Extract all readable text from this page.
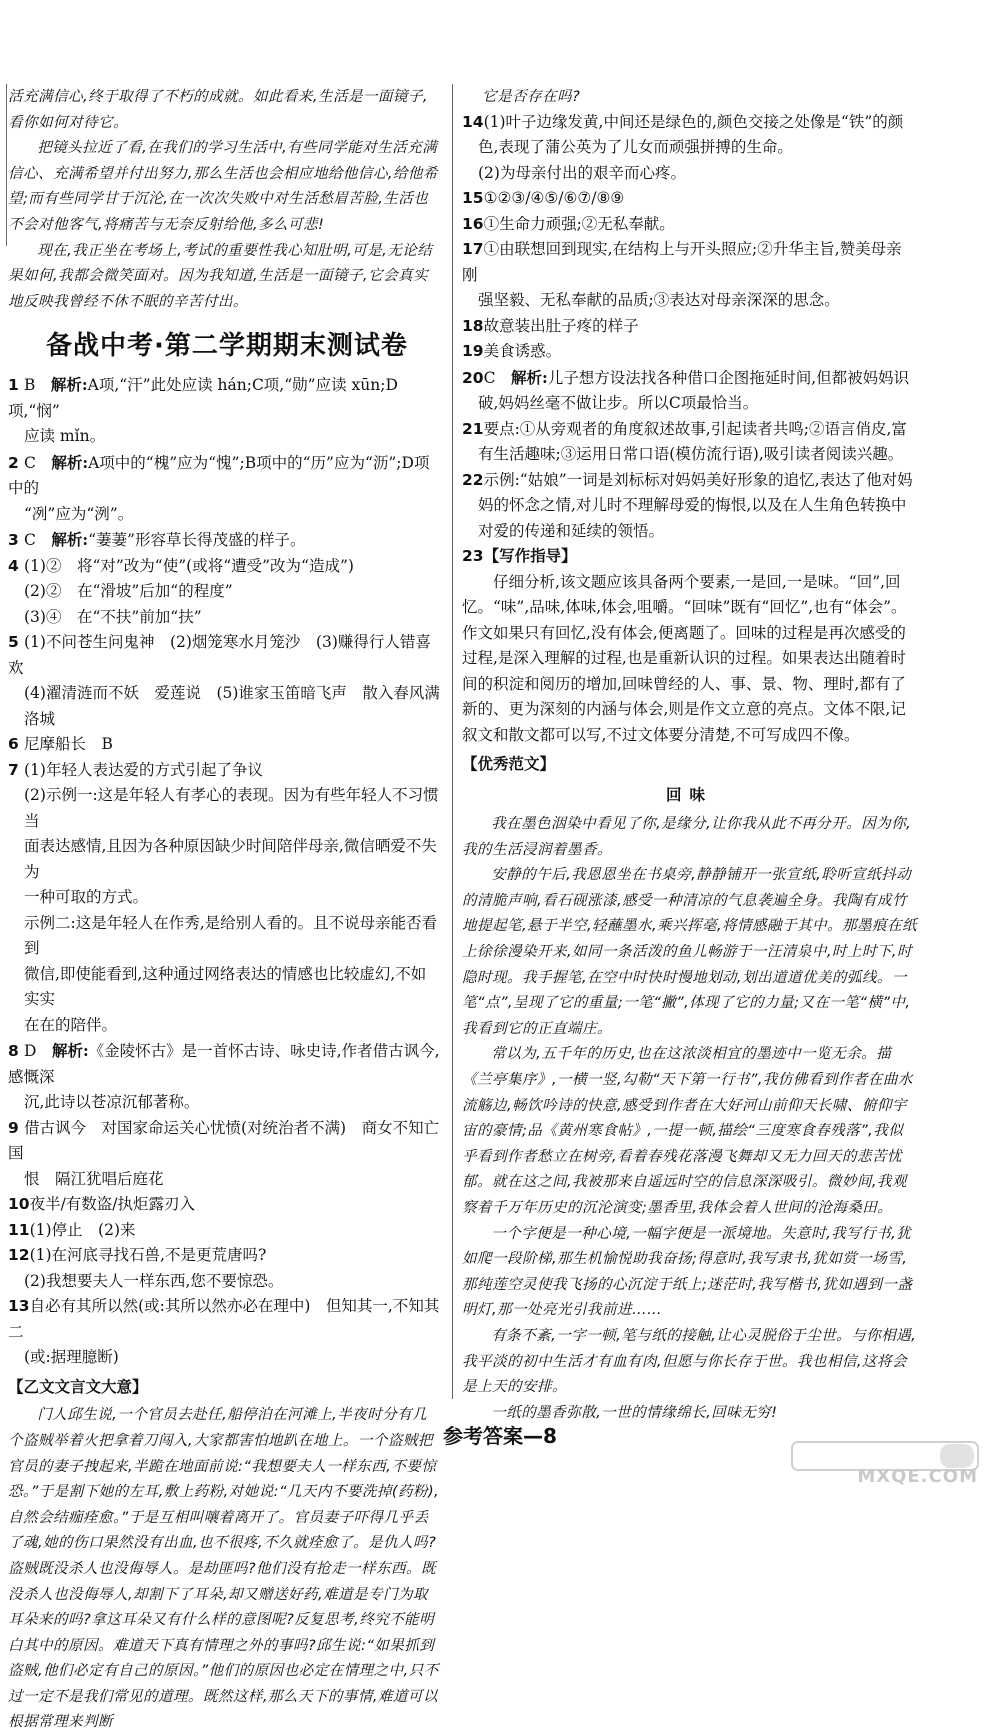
活充满信心,终于取得了不朽的成就。如此看来,生活是一面镜子,看你如何对待它。

把镜头拉近了看,在我们的学习生活中,有些同学能对生活充满信心、充满希望并付出努力,那么生活也会相应地给他信心,给他希望;而有些同学甘于沉沦,在一次次失败中对生活愁眉苦脸,生活也不会对他客气,将痛苦与无奈反射给他,多么可悲!

现在,我正坐在考场上,考试的重要性我心知肚明,可是,无论结果如何,我都会微笑面对。因为我知道,生活是一面镜子,它会真实地反映我曾经不休不眠的辛苦付出。

备战中考·第二学期期末测试卷
1 B　解析:A项,“汗”此处应读 hán;C项,“勋”应读 xūn;D项,“悯”
应读 mǐn。
2 C　解析:A项中的“槐”应为“愧”;B项中的“历”应为“沥”;D项中的
“冽”应为“洌”。
3 C　解析:“萋萋”形容草长得茂盛的样子。
4 (1)②　将“对”改为“使”(或将“遭受”改为“造成”)
(2)②　在“滑坡”后加“的程度”
(3)④　在“不扶”前加“扶”
5 (1)不问苍生问鬼神　(2)烟笼寒水月笼沙　(3)赚得行人错喜欢
(4)濯清涟而不妖　爱莲说　(5)谁家玉笛暗飞声　散入春风满
洛城
6 尼摩船长　B
7 (1)年轻人表达爱的方式引起了争议
(2)示例一:这是年轻人有孝心的表现。因为有些年轻人不习惯当
面表达感情,且因为各种原因缺少时间陪伴母亲,微信晒爱不失为
一种可取的方式。
示例二:这是年轻人在作秀,是给别人看的。且不说母亲能否看到
微信,即使能看到,这种通过网络表达的情感也比较虚幻,不如实实
在在的陪伴。
8 D　解析:《金陵怀古》是一首怀古诗、咏史诗,作者借古讽今,感慨深
沉,此诗以苍凉沉郁著称。
9 借古讽今　对国家命运关心忧愤(对统治者不满)　商女不知亡国
恨　隔江犹唱后庭花
10夜半/有数盗/执炬露刃入
11(1)停止　(2)来
12(1)在河底寻找石兽,不是更荒唐吗?
(2)我想要夫人一样东西,您不要惊恐。
13自必有其所以然(或:其所以然亦必在理中)　但知其一,不知其二
(或:据理臆断)
【乙文文言文大意】

门人邱生说,一个官员去赴任,船停泊在河滩上,半夜时分有几个盗贼举着火把拿着刀闯入,大家都害怕地趴在地上。一个盗贼把官员的妻子拽起来,半跪在地面前说:“我想要夫人一样东西,不要惊恐。”于是割下她的左耳,敷上药粉,对她说:“几天内不要洗掉(药粉),自然会结痂痊愈。”于是互相叫嚷着离开了。官员妻子吓得几乎丢了魂,她的伤口果然没有出血,也不很疼,不久就痊愈了。是仇人吗?盗贼既没杀人也没侮辱人。是劫匪吗?他们没有抢走一样东西。既没杀人也没侮辱人,却割下了耳朵,却又赠送好药,难道是专门为取耳朵来的吗?拿这耳朵又有什么样的意图呢?反复思考,终究不能明白其中的原因。难道天下真有情理之外的事吗?邱生说:“如果抓到盗贼,他们必定有自己的原因。”他们的原因也必定在情理之中,只不过一定不是我们常见的道理。既然这样,那么天下的事情,难道可以根据常理来判断

它是否存在吗?
14(1)叶子边缘发黄,中间还是绿色的,颜色交接之处像是“铁”的颜
色,表现了蒲公英为了儿女而顽强拼搏的生命。
(2)为母亲付出的艰辛而心疼。
15①②③/④⑤/⑥⑦/⑧⑨
16①生命力顽强;②无私奉献。
17①由联想回到现实,在结构上与开头照应;②升华主旨,赞美母亲刚
强坚毅、无私奉献的品质;③表达对母亲深深的思念。
18故意装出肚子疼的样子
19美食诱惑。
20C　解析:儿子想方设法找各种借口企图拖延时间,但都被妈妈识
破,妈妈丝毫不做让步。所以C项最恰当。
21要点:①从旁观者的角度叙述故事,引起读者共鸣;②语言俏皮,富
有生活趣味;③运用日常口语(模仿流行语),吸引读者阅读兴趣。
22示例:“姑娘”一词是刘标标对妈妈美好形象的追忆,表达了他对妈
妈的怀念之情,对儿时不理解母爱的悔恨,以及在人生角色转换中
对爱的传递和延续的领悟。
23【写作指导】

仔细分析,该文题应该具备两个要素,一是回,一是味。“回”,回忆。“味”,品味,体味,体会,咀嚼。“回味”既有“回忆”,也有“体会”。作文如果只有回忆,没有体会,便离题了。回味的过程是再次感受的过程,是深入理解的过程,也是重新认识的过程。如果表达出随着时间的积淀和阅历的增加,回味曾经的人、事、景、物、理时,都有了新的、更为深刻的内涵与体会,则是作文立意的亮点。文体不限,记叙文和散文都可以写,不过文体要分清楚,不可写成四不像。

【优秀范文】
回味

我在墨色洇染中看见了你,是缘分,让你我从此不再分开。因为你,我的生活浸润着墨香。

安静的午后,我恩恩坐在书桌旁,静静铺开一张宣纸,聆听宣纸抖动的清脆声响,看石砚涨漆,感受一种清凉的气息袭遍全身。我陶有成竹地提起笔,悬于半空,轻蘸墨水,乘兴挥毫,将情感融于其中。那墨痕在纸上徐徐漫染开来,如同一条活泼的鱼儿畅游于一汪清泉中,时上时下,时隐时现。我手握笔,在空中时快时慢地划动,划出道道优美的弧线。一笔“点”,呈现了它的重量;一笔“撇”,体现了它的力量;又在一笔“横”中,我看到它的正直端庄。

常以为,五千年的历史,也在这浓淡相宜的墨迹中一览无余。描《兰亭集序》,一横一竖,勾勒“天下第一行书”,我仿佛看到作者在曲水流觞边,畅饮吟诗的快意,感受到作者在大好河山前仰天长啸、俯仰宇宙的豪情;品《黄州寒食帖》,一提一顿,描绘“三度寒食春残落”,我似乎看到作者愁立在树旁,看着春残花落漫飞舞却又无力回天的悲苦忧郁。就在这之间,我被那来自遥远时空的信息深深吸引。微妙间,我观察着千万年历史的沉沦演变;墨香里,我体会着人世间的沧海桑田。

一个字便是一种心境,一幅字便是一派境地。失意时,我写行书,犹如爬一段阶梯,那生机愉悦助我奋扬;得意时,我写隶书,犹如赏一场雪,那纯莲空灵使我飞扬的心沉淀于纸上;迷茫时,我写楷书,犹如遇到一盏明灯,那一处亮光引我前进……

有条不紊,一字一顿,笔与纸的接触,让心灵脱俗于尘世。与你相遇,我平淡的初中生活才有血有肉,但愿与你长存于世。我也相信,这将会是上天的安排。

一纸的墨香弥散,一世的情缘绵长,回味无穷!

参考答案—8
MXQE.COM
